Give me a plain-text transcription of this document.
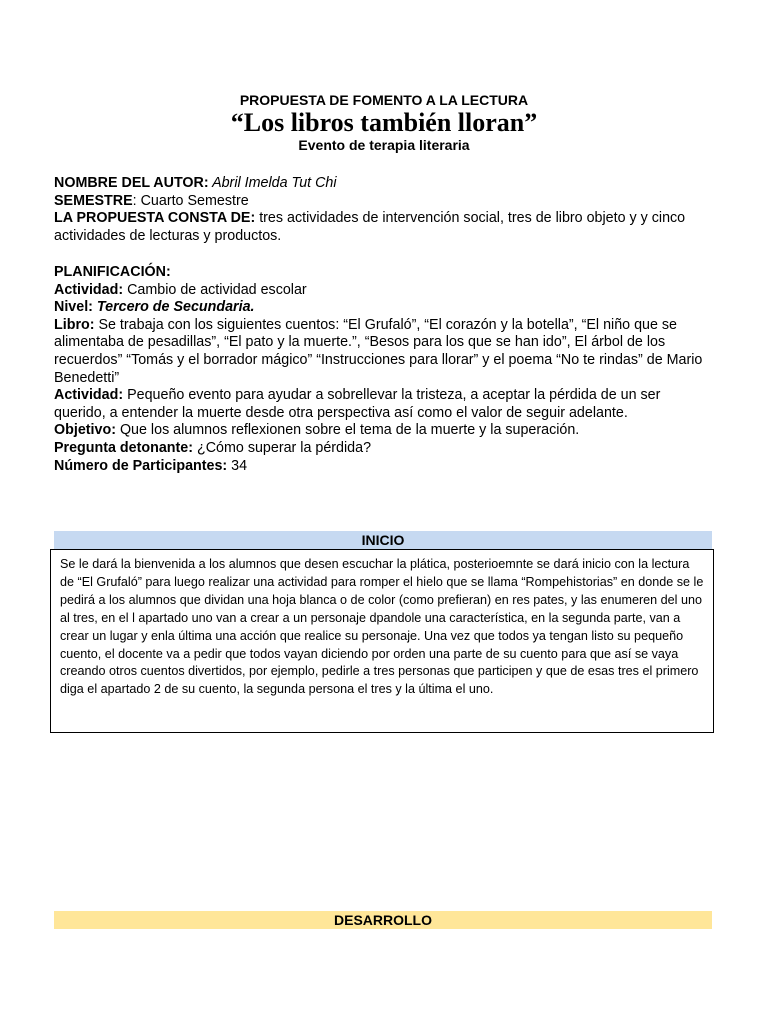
PROPUESTA DE FOMENTO A LA LECTURA
“Los libros también lloran”
Evento de terapia literaria
NOMBRE DEL AUTOR: Abril Imelda Tut Chi
SEMESTRE: Cuarto Semestre
LA PROPUESTA CONSTA DE: tres actividades de intervención social, tres de libro objeto y y cinco actividades de lecturas y productos.
PLANIFICACIÓN:
Actividad: Cambio de actividad escolar
Nivel: Tercero de Secundaria.
Libro: Se trabaja con los siguientes cuentos: “El Grufaló”, “El corazón y la botella”, “El niño que se alimentaba de pesadillas”, “El pato y la muerte.”, “Besos para los que se han ido”, El árbol de los recuerdos” “Tomás y el borrador mágico” “Instrucciones para llorar” y el poema “No te rindas” de Mario Benedetti”
Actividad: Pequeño evento para ayudar a sobrellevar la tristeza, a aceptar la pérdida de un ser querido, a entender la muerte desde otra perspectiva así como el valor de seguir adelante.
Objetivo: Que los alumnos reflexionen sobre el tema de la muerte y la superación.
Pregunta detonante: ¿Cómo superar la pérdida?
Número de Participantes: 34
INICIO
Se le dará la bienvenida a los alumnos que desen escuchar la plática, posterioemnte se dará inicio con la lectura de “El Grufaló” para luego realizar una actividad para romper el hielo que se llama “Rompehistorias” en donde se le pedirá a los alumnos que dividan una hoja blanca o de color (como prefieran) en res pates, y las enumeren del uno al tres, en el l apartado uno van a crear a un personaje dpandole una característica, en la segunda parte, van a crear un lugar y enla última una acción que realice su personaje. Una vez que todos ya tengan listo su pequeño cuento, el docente va a pedir que todos vayan diciendo por orden una parte de su cuento para que así se vaya creando otros cuentos divertidos, por ejemplo, pedirle a tres personas que participen y que de esas tres el primero diga el apartado 2 de su cuento, la segunda persona el tres y la última el uno.
DESARROLLO
